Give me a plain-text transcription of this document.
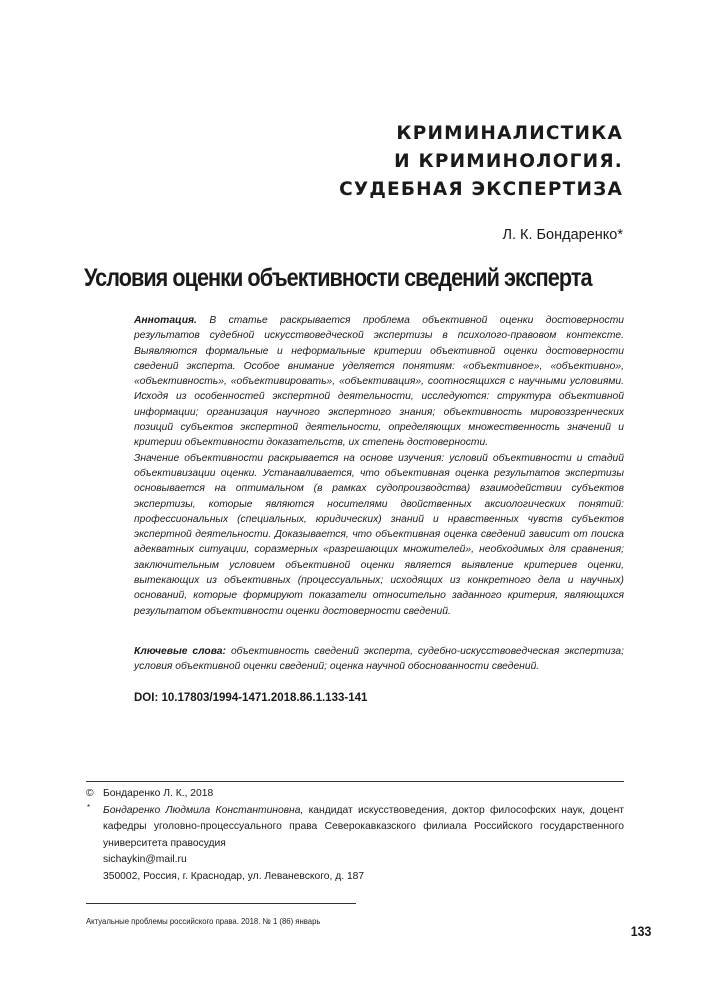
КРИМИНАЛИСТИКА
И КРИМИНОЛОГИЯ.
СУДЕБНАЯ ЭКСПЕРТИЗА
Л. К. Бондаренко*
Условия оценки объективности сведений эксперта

Аннотация. В статье раскрывается проблема объективной оценки достоверности результатов судебной искусствоведческой экспертизы в психолого-правовом контексте. Выявляются формальные и неформальные критерии объективной оценки достоверности сведений эксперта. Особое внимание уделяется понятиям: «объективное», «объективно», «объективность», «объективировать», «объективация», соотносящихся с научными условиями. Исходя из особенностей экспертной деятельности, исследуются: структура объективной информации; организация научного экспертного знания; объективность мировоззренческих позиций субъектов экспертной деятельности, определяющих множественность значений и критерии объективности доказательств, их степень достоверности.

Значение объективности раскрывается на основе изучения: условий объективности и стадий объективизации оценки. Устанавливается, что объективная оценка результатов экспертизы основывается на оптимальном (в рамках судопроизводства) взаимодействии субъектов экспертизы, которые являются носителями двойственных аксиологических понятий: профессиональных (специальных, юридических) знаний и нравственных чувств субъектов экспертной деятельности. Доказывается, что объективная оценка сведений зависит от поиска адекватных ситуации, соразмерных «разрешающих множителей», необходимых для сравнения; заключительным условием объективной оценки является выявление критериев оценки, вытекающих из объективных (процессуальных; исходящих из конкретного дела и научных) оснований, которые формируют показатели относительно заданного критерия, являющихся результатом объективности оценки достоверности сведений.

Ключевые слова: объективность сведений эксперта, судебно-искусствоведческая экспертиза; условия объективной оценки сведений; оценка научной обоснованности сведений.
DOI: 10.17803/1994-1471.2018.86.1.133-141
© Бондаренко Л. К., 2018
* Бондаренко Людмила Константиновна, кандидат искусствоведения, доктор философских наук, доцент кафедры уголовно-процессуального права Северокавказского филиала Российского государственного университета правосудия
sichaykin@mail.ru
350002, Россия, г. Краснодар, ул. Леваневского, д. 187
Актуальные проблемы российского права. 2018. № 1 (86) январь
133
